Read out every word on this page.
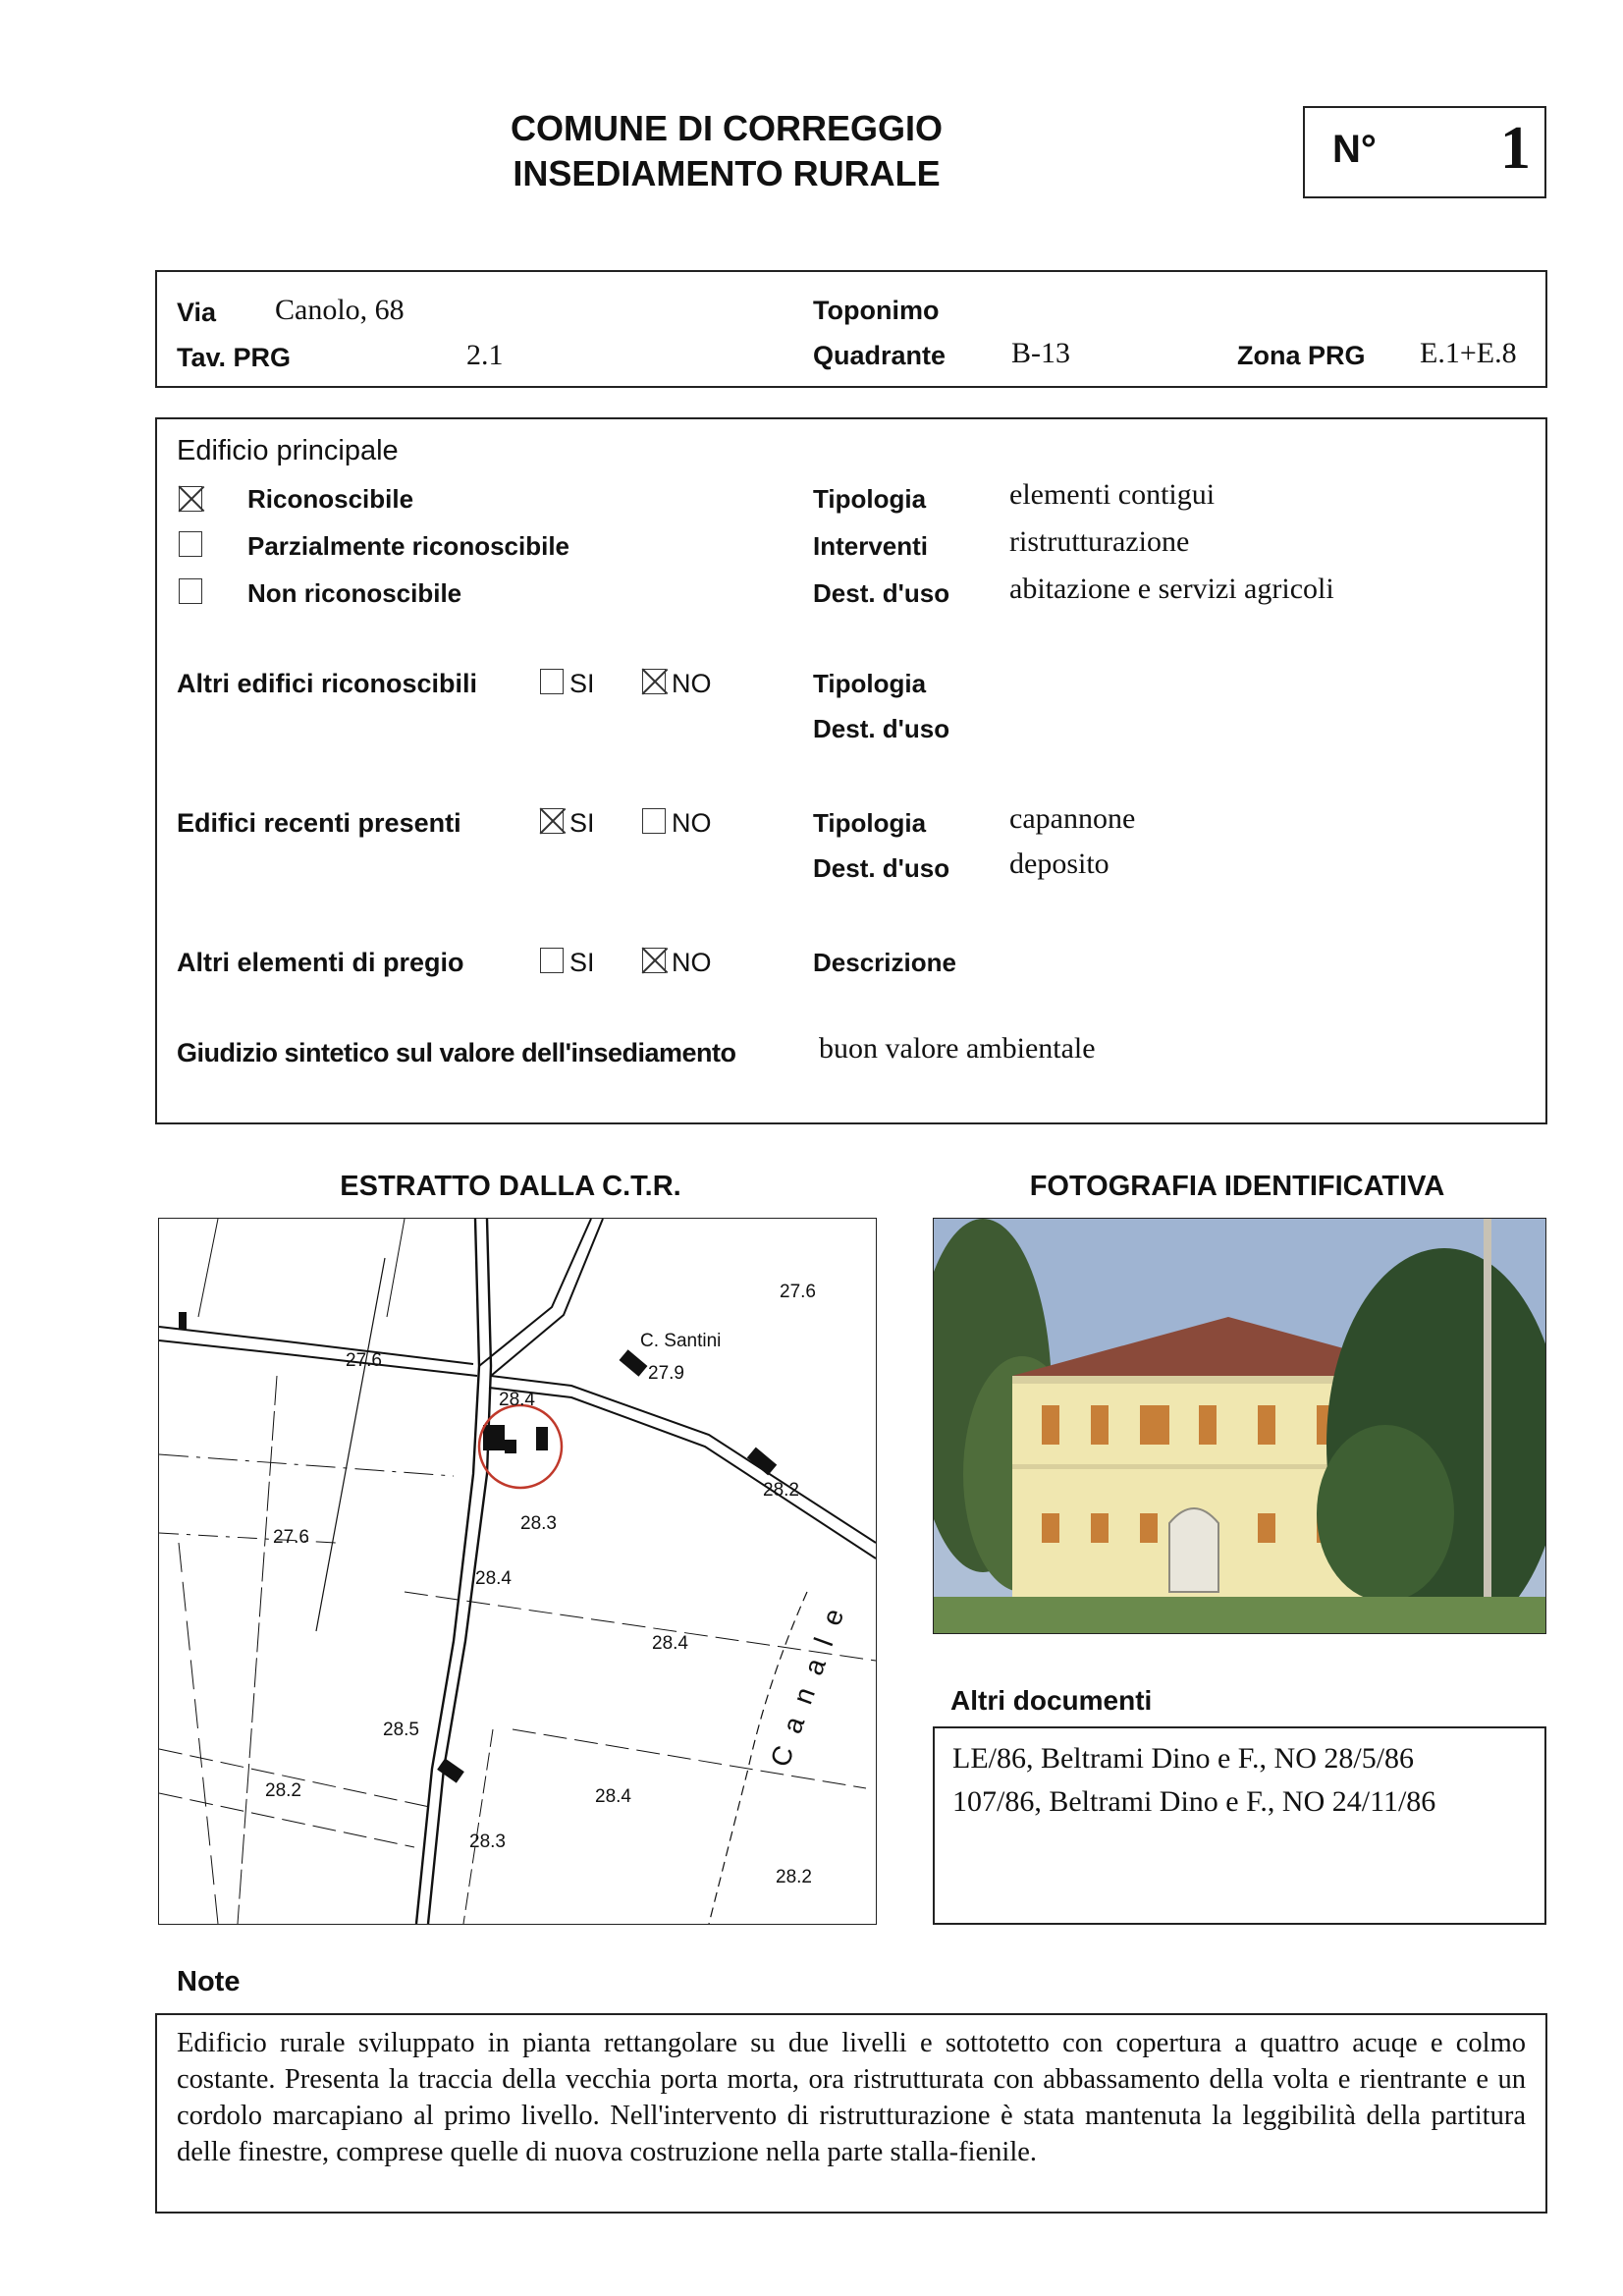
COMUNE DI CORREGGIO
INSEDIAMENTO RURALE
N° 1
Via Canolo, 68
Tav. PRG	2.1
Toponimo
Quadrante B-13	Zona PRG E.1+E.8
Edificio principale
Riconoscibile
Parzialmente riconoscibile
Non riconoscibile
Tipologia	elementi contigui
Interventi	ristrutturazione
Dest. d'uso abitazione e servizi agricoli
Altri edifici riconoscibili	SI	NO	Tipologia
Dest. d'uso
Edifici recenti presenti	SI	NO	Tipologia	capannone
Dest. d'uso deposito
Altri elementi di pregio	SI	NO	Descrizione
Giudizio sintetico sul valore dell'insediamento	buon valore ambientale
ESTRATTO DALLA C.T.R.
C. Santini
Canale
27.6
27.6
27.9
28.4
28.2
28.3
27.6
28.4
28.4
28.5
28.2	28.4
28.3
28.2
FOTOGRAFIA IDENTIFICATIVA
Altri documenti
LE/86, Beltrami Dino e F., NO 28/5/86
107/86, Beltrami Dino e F., NO 24/11/86
Note
Edificio rurale sviluppato in pianta rettangolare su due livelli e sottotetto con copertura a quattro acuqe e colmo costante. Presenta la traccia della vecchia porta morta, ora ristrutturata con abbassamento della volta e rientrante e un cordolo marcapiano al primo livello. Nell'intervento di ristrutturazione è stata mantenuta la leggibilità della partitura delle finestre, comprese quelle di nuova costruzione nella parte stalla-fienile.
